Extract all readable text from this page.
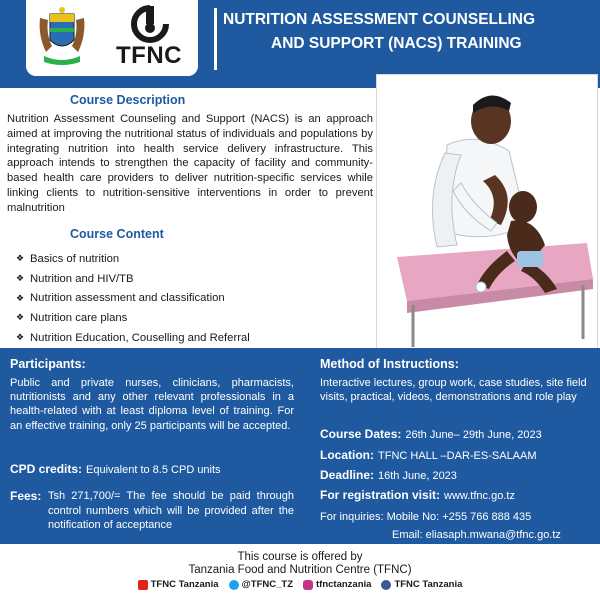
TFNC
NUTRITION ASSESSMENT COUNSELLING
AND SUPPORT (NACS) TRAINING
Course Description
Nutrition Assessment Counseling and Support (NACS) is an approach aimed at improving the nutritional status of individuals and populations by integrating nutrition into health service delivery infrastructure. This approach intends to strengthen the capacity of facility and community-based health care providers to deliver nutrition-specific services while linking clients to nutrition-sensitive interventions in order to prevent malnutrition
Course Content
❖ Basics of nutrition
❖ Nutrition and HIV/TB
❖ Nutrition assessment and classification
❖ Nutrition care plans
❖ Nutrition Education, Couselling and Referral
Participants:
Public and private nurses, clinicians, pharmacists, nutritionists and any other relevant professionals in a health-related with at least diploma level of training. For an effective training, only 25 participants will be accepted.
CPD credits: Equivalent to 8.5 CPD units
Fees: Tsh 271,700/= The fee should be paid through control numbers which will be provided after the notification of acceptance
Method of Instructions:
Interactive lectures, group work, case studies, site field visits, practical, videos, demonstrations and role play
Course Dates: 26th June– 29th June, 2023
Location: TFNC HALL –DAR-ES-SALAAM
Deadline: 16th June, 2023
For registration visit: www.tfnc.go.tz
For inquiries: Mobile No: +255 766 888 435
Email: eliasaph.mwana@tfnc.go.tz
This course is offered by
Tanzania Food and Nutrition Centre (TFNC)
TFNC Tanzania @TFNC_TZ tfnctanzania TFNC Tanzania
